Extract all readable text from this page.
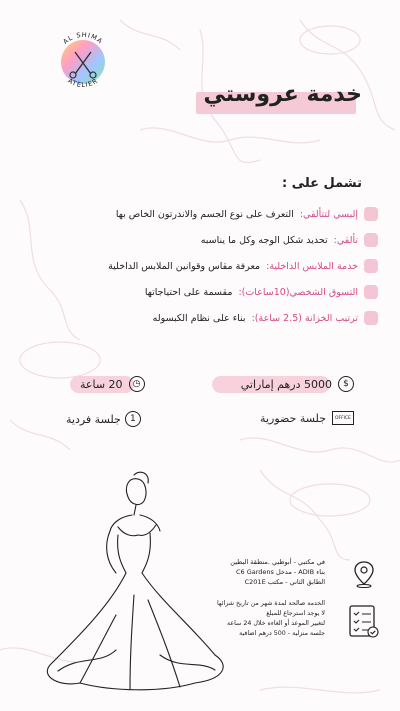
AL SHIMA
ATELIER
خدمة عروستي
تشمل على :
إلبسي لتتألقي:
التعرف على نوع الجسم والاندرتون الخاص بها
تألقي:
تحديد شكل الوجه وكل ما يناسبه
خدمة الملابس الداخلية:
معرفة مقاس وقوانين الملابس الداخلية
التسوق الشخصي(10ساعات):
مقسمة على احتياجاتها
ترتيب الخزانة (2.5 ساعة):
بناء على نظام الكبسوله
$
5000 درهم إماراتي
◷
20 ساعة
OFFICE
جلسة حضورية
1
جلسة فردية
في مكتبي - أبوظبي .منطقة البطين
بناء ADIB - مدخل C6 Gardens
الطابق الثاني - مكتب C201E
الخدمة صالحة لمدة شهر من تاريخ شرائها
لا يوجد استرجاع للمبلغ
لتغيير الموعد أو الغاءه خلال 24 ساعة
جلسة منزلية - 500 درهم اضافية
